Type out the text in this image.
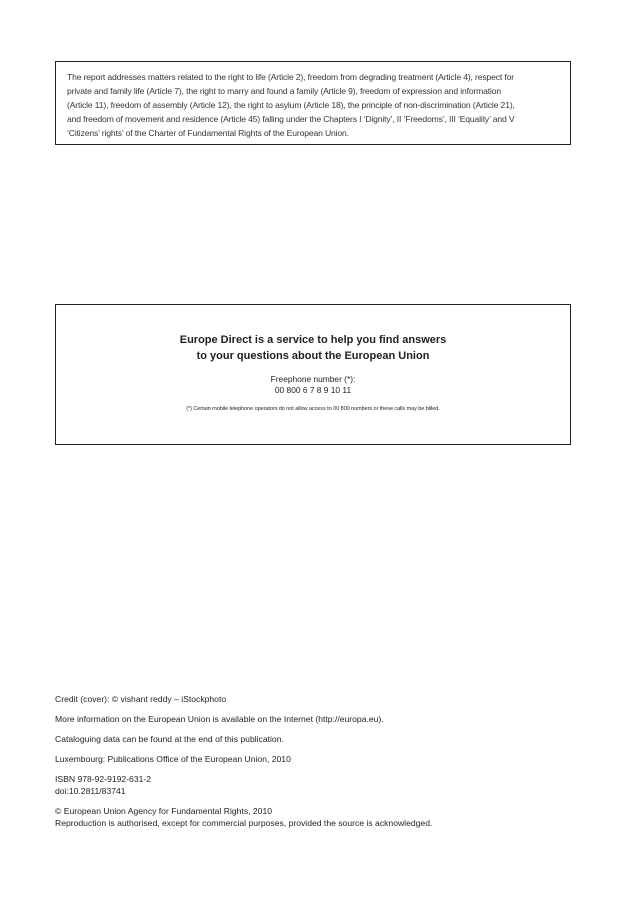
The report addresses matters related to the right to life (Article 2), freedom from degrading treatment (Article 4), respect for
private and family life (Article 7), the right to marry and found a family (Article 9), freedom of expression and information
(Article 11), freedom of assembly (Article 12), the right to asylum (Article 18), the principle of non-discrimination (Article 21),
and freedom of movement and residence (Article 45) falling under the Chapters I ‘Dignity’, II ‘Freedoms’, III ‘Equality’ and V
‘Citizens’ rights’ of the Charter of Fundamental Rights of the European Union.

Europe Direct is a service to help you find answers
to your questions about the European Union

Freephone number (*):

00 800 6 7 8 9 10 11

(*) Certain mobile telephone operators do not allow access to 00 800 numbers or these calls may be billed.

Credit (cover): © vishant reddy – iStockphoto

More information on the European Union is available on the Internet (http://europa.eu).

Cataloguing data can be found at the end of this publication.

Luxembourg: Publications Office of the European Union, 2010

ISBN 978-92-9192-631-2

doi:10.2811/83741

© European Union Agency for Fundamental Rights, 2010

Reproduction is authorised, except for commercial purposes, provided the source is acknowledged.
